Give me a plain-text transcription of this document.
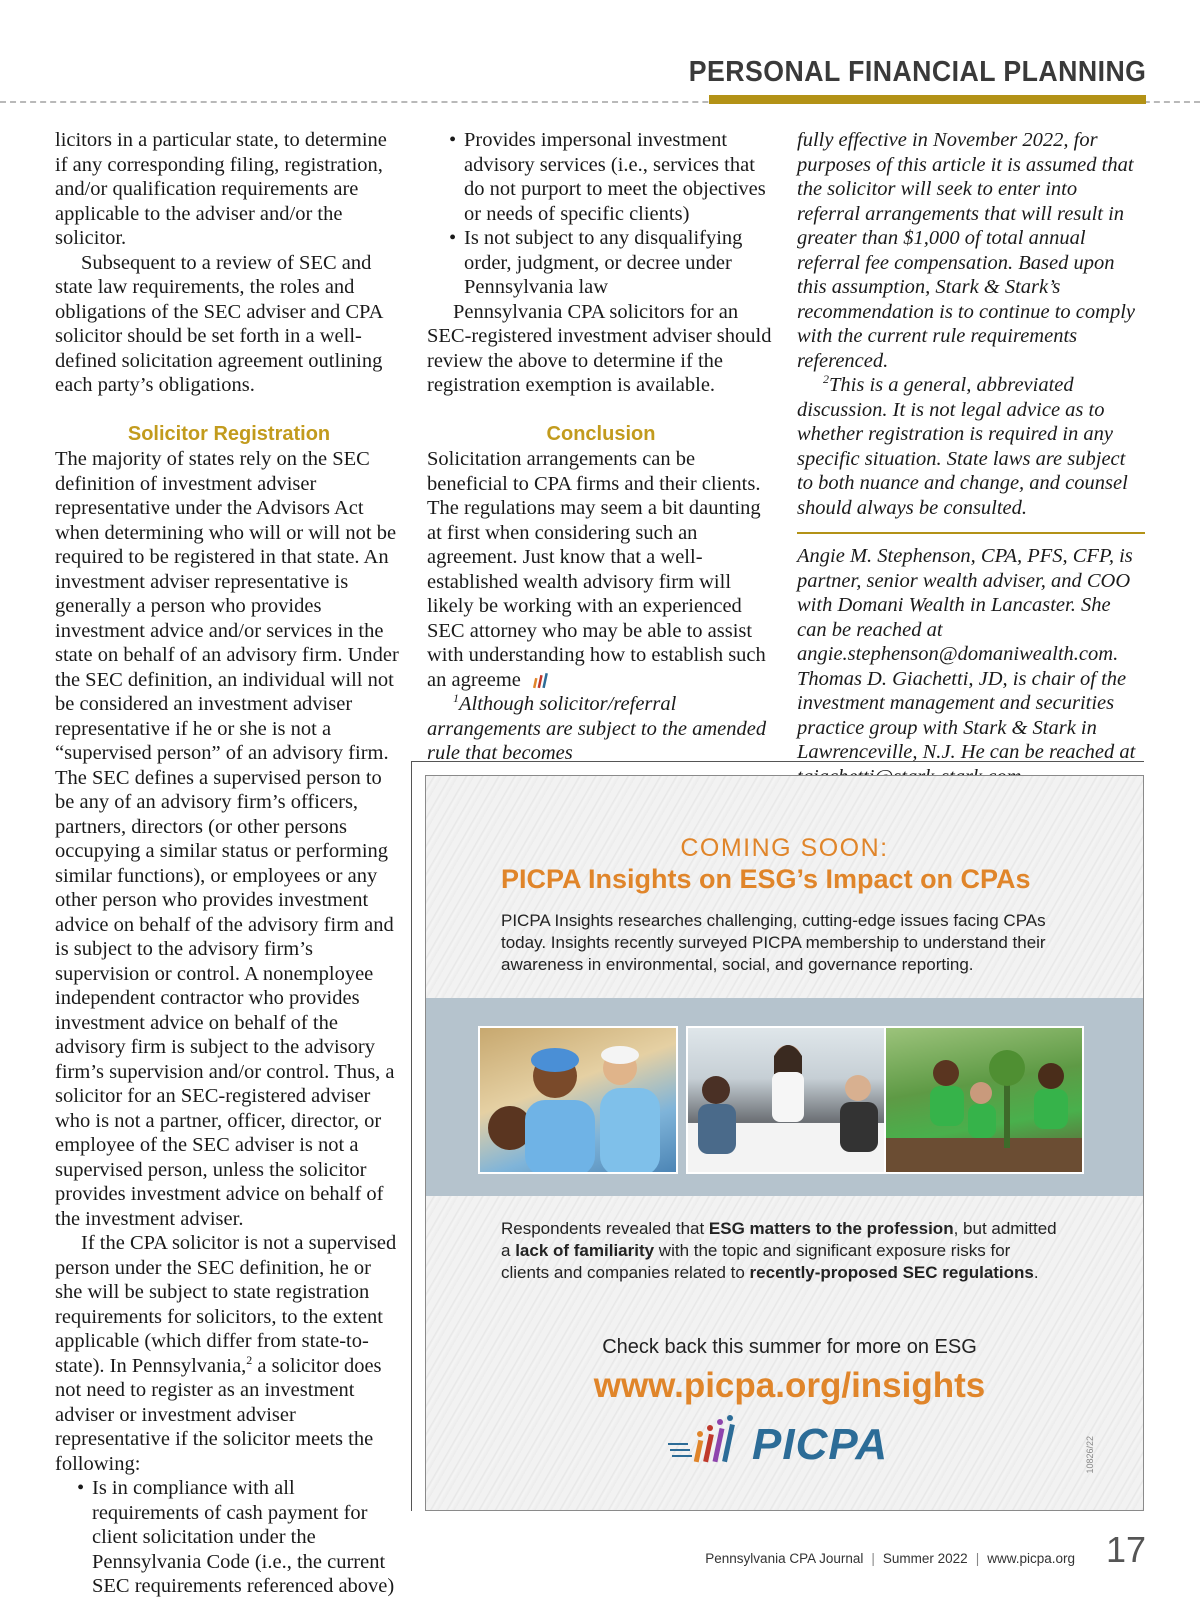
PERSONAL FINANCIAL PLANNING

licitors in a particular state, to determine if any corresponding filing, registration, and/or qualification requirements are applicable to the adviser and/or the solicitor.

Subsequent to a review of SEC and state law requirements, the roles and obligations of the SEC adviser and CPA solicitor should be set forth in a well-defined solicitation agreement outlining each party’s obligations.

Solicitor Registration

The majority of states rely on the SEC definition of investment adviser representative under the Advisors Act when determining who will or will not be required to be registered in that state. An investment adviser representative is generally a person who provides investment advice and/or services in the state on behalf of an advisory firm. Under the SEC definition, an individual will not be considered an investment adviser representative if he or she is not a “supervised person” of an advisory firm. The SEC defines a supervised person to be any of an advisory firm’s officers, partners, directors (or other persons occupying a similar status or performing similar functions), or employees or any other person who provides investment advice on behalf of the advisory firm and is subject to the advisory firm’s supervision or control. A nonemployee independent contractor who provides investment advice on behalf of the advisory firm is subject to the advisory firm’s supervision and/or control. Thus, a solicitor for an SEC-registered adviser who is not a partner, officer, director, or employee of the SEC adviser is not a supervised person, unless the solicitor provides investment advice on behalf of the investment adviser.

If the CPA solicitor is not a supervised person under the SEC definition, he or she will be subject to state registration requirements for solicitors, to the extent applicable (which differ from state-to-state). In Pennsylvania,$^2$ a solicitor does not need to register as an investment adviser or investment adviser representative if the solicitor meets the following:

• Is in compliance with all requirements of cash payment for client solicitation under the Pennsylvania Code (i.e., the current SEC requirements referenced above)
• Provides impersonal investment advisory services (i.e., services that do not purport to meet the objectives or needs of specific clients)
• Is not subject to any disqualifying order, judgment, or decree under Pennsylvania law

Pennsylvania CPA solicitors for an SEC-registered investment adviser should review the above to determine if the registration exemption is available.

Conclusion

Solicitation arrangements can be beneficial to CPA firms and their clients. The regulations may seem a bit daunting at first when considering such an agreement. Just know that a well-established wealth advisory firm will likely be working with an experienced SEC attorney who may be able to assist with understanding how to establish such an agreeme

$^1$Although solicitor/referral arrangements are subject to the amended rule that becomes

fully effective in November 2022, for purposes of this article it is assumed that the solicitor will seek to enter into referral arrangements that will result in greater than $1,000 of total annual referral fee compensation. Based upon this assumption, Stark & Stark’s recommendation is to continue to comply with the current rule requirements referenced.

$^2$This is a general, abbreviated discussion. It is not legal advice as to whether registration is required in any specific situation. State laws are subject to both nuance and change, and counsel should always be consulted.

Angie M. Stephenson, CPA, PFS, CFP, is partner, senior wealth adviser, and COO with Domani Wealth in Lancaster. She can be reached at angie.stephenson@domaniwealth.com.

Thomas D. Giachetti, JD, is chair of the investment management and securities practice group with Stark & Stark in Lawrenceville, N.J. He can be reached at

COMING SOON:
PICPA Insights on ESG’s Impact on CPAs
PICPA Insights researches challenging, cutting-edge issues facing CPAs today. Insights recently surveyed PICPA membership to understand their awareness in environmental, social, and governance reporting.
Respondents revealed that ESG matters to the profession, but admitted a lack of familiarity with the topic and significant exposure risks for clients and companies related to recently-proposed SEC regulations.
Check back this summer for more on ESG
www.picpa.org/insights
PICPA	10826/22
Pennsylvania CPA Journal | Summer 2022 | www.picpa.org 17
